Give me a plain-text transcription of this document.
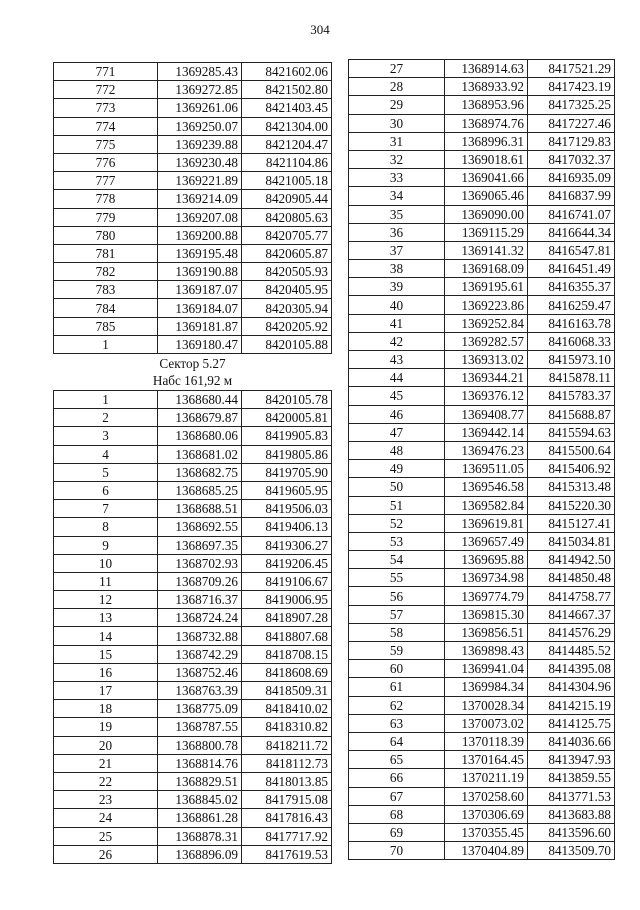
304
771	1369285.43	8421602.06
772	1369272.85	8421502.80
773	1369261.06	8421403.45
774	1369250.07	8421304.00
775	1369239.88	8421204.47
776	1369230.48	8421104.86
777	1369221.89	8421005.18
778	1369214.09	8420905.44
779	1369207.08	8420805.63
780	1369200.88	8420705.77
781	1369195.48	8420605.87
782	1369190.88	8420505.93
783	1369187.07	8420405.95
784	1369184.07	8420305.94
785	1369181.87	8420205.92
1	1369180.47	8420105.88

Сектор 5.27
Набс 161,92 м		

1	1368680.44	8420105.78
2	1368679.87	8420005.81
3	1368680.06	8419905.83
4	1368681.02	8419805.86
5	1368682.75	8419705.90
6	1368685.25	8419605.95
7	1368688.51	8419506.03
8	1368692.55	8419406.13
9	1368697.35	8419306.27
10	1368702.93	8419206.45
11	1368709.26	8419106.67
12	1368716.37	8419006.95
13	1368724.24	8418907.28
14	1368732.88	8418807.68
15	1368742.29	8418708.15
16	1368752.46	8418608.69
17	1368763.39	8418509.31
18	1368775.09	8418410.02
19	1368787.55	8418310.82
20	1368800.78	8418211.72
21	1368814.76	8418112.73
22	1368829.51	8418013.85
23	1368845.02	8417915.08
24	1368861.28	8417816.43
25	1368878.31	8417717.92
26	1368896.09	8417619.53
27	1368914.63	8417521.29
28	1368933.92	8417423.19
29	1368953.96	8417325.25
30	1368974.76	8417227.46
31	1368996.31	8417129.83
32	1369018.61	8417032.37
33	1369041.66	8416935.09
34	1369065.46	8416837.99
35	1369090.00	8416741.07
36	1369115.29	8416644.34
37	1369141.32	8416547.81
38	1369168.09	8416451.49
39	1369195.61	8416355.37
40	1369223.86	8416259.47
41	1369252.84	8416163.78
42	1369282.57	8416068.33
43	1369313.02	8415973.10
44	1369344.21	8415878.11
45	1369376.12	8415783.37
46	1369408.77	8415688.87
47	1369442.14	8415594.63
48	1369476.23	8415500.64
49	1369511.05	8415406.92
50	1369546.58	8415313.48
51	1369582.84	8415220.30
52	1369619.81	8415127.41
53	1369657.49	8415034.81
54	1369695.88	8414942.50
55	1369734.98	8414850.48
56	1369774.79	8414758.77
57	1369815.30	8414667.37
58	1369856.51	8414576.29
59	1369898.43	8414485.52
60	1369941.04	8414395.08
61	1369984.34	8414304.96
62	1370028.34	8414215.19
63	1370073.02	8414125.75
64	1370118.39	8414036.66
65	1370164.45	8413947.93
66	1370211.19	8413859.55
67	1370258.60	8413771.53
68	1370306.69	8413683.88
69	1370355.45	8413596.60
70	1370404.89	8413509.70
